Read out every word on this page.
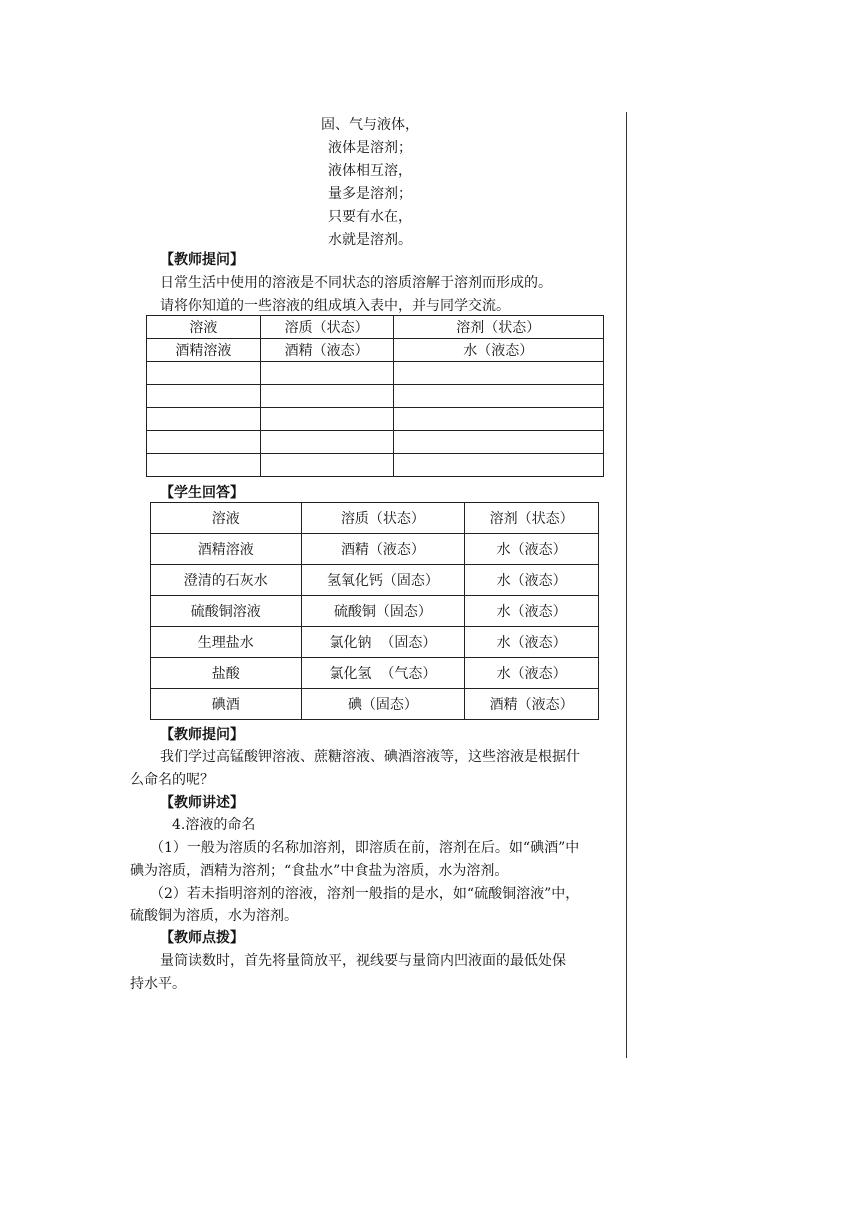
固、气与液体，
液体是溶剂；
液体相互溶，
量多是溶剂；
只要有水在，
水就是溶剂。
【教师提问】
日常生活中使用的溶液是不同状态的溶质溶解于溶剂而形成的。
请将你知道的一些溶液的组成填入表中，并与同学交流。
溶液	溶质（状态）	溶剂（状态）
酒精溶液	酒精（液态）	水（液态）

【学生回答】
溶液	溶质（状态）	溶剂（状态）
酒精溶液	酒精（液态）	水（液态）
澄清的石灰水	氢氧化钙（固态）	水（液态）
硫酸铜溶液	硫酸铜（固态）	水（液态）
生理盐水	氯化钠  （固态）	水（液态）
盐酸	氯化氢  （气态）	水（液态）
碘酒	碘（固态）	酒精（液态）
【教师提问】
我们学过高锰酸钾溶液、蔗糖溶液、碘酒溶液等，这些溶液是根据什
么命名的呢？
【教师讲述】
4.溶液的命名
（1）一般为溶质的名称加溶剂，即溶质在前，溶剂在后。如“碘酒”中
碘为溶质，酒精为溶剂；“食盐水”中食盐为溶质，水为溶剂。
（2）若未指明溶剂的溶液，溶剂一般指的是水，如“硫酸铜溶液”中，
硫酸铜为溶质，水为溶剂。
【教师点拨】
量筒读数时，首先将量筒放平，视线要与量筒内凹液面的最低处保
持水平。
